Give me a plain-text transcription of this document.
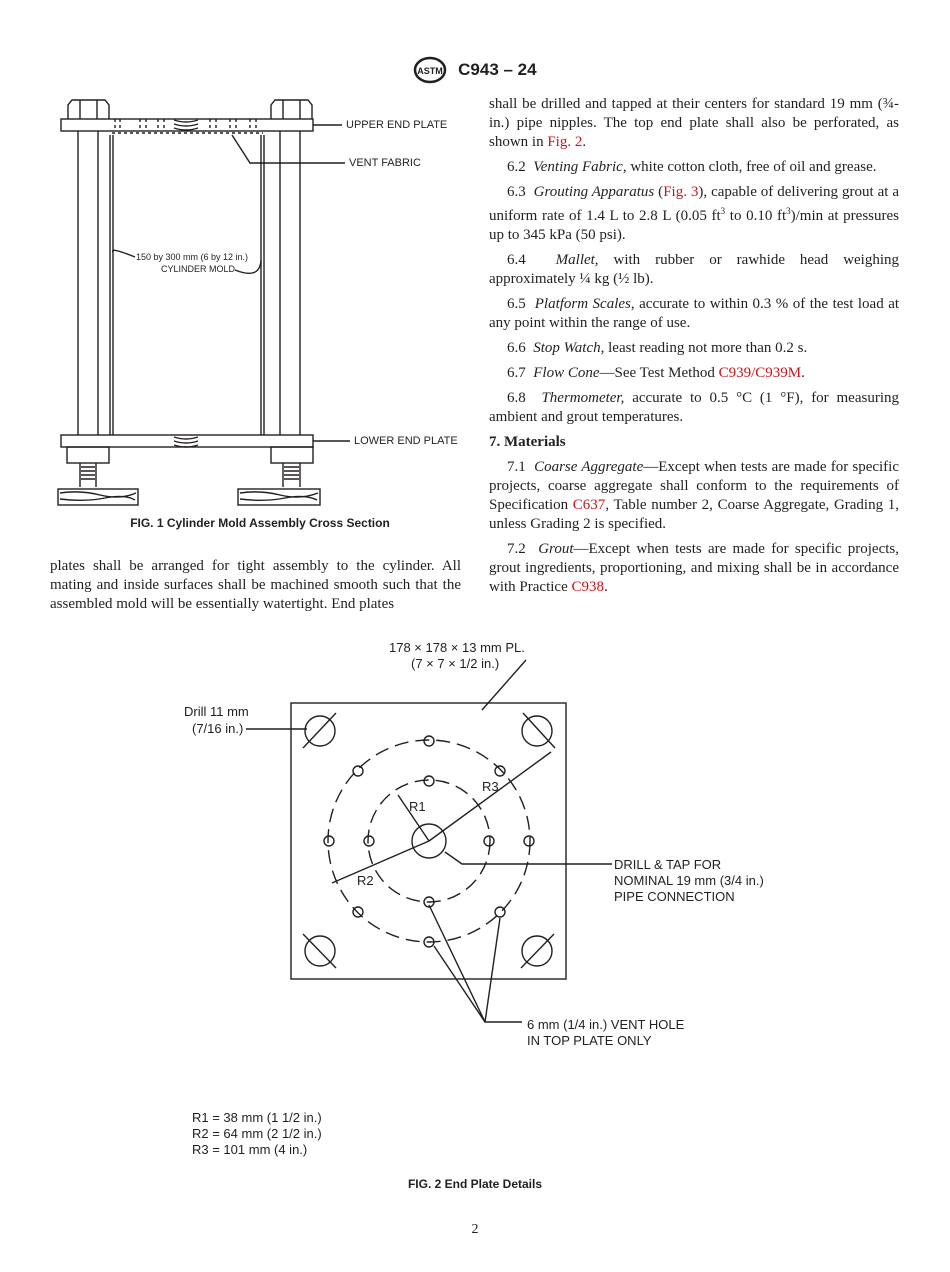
ASTM C943 – 24
UPPER END PLATE
VENT FABRIC
150 by 300 mm (6 by 12 in.)
CYLINDER MOLD
LOWER END PLATE
FIG. 1 Cylinder Mold Assembly Cross Section

plates shall be arranged for tight assembly to the cylinder. All mating and inside surfaces shall be machined smooth such that the assembled mold will be essentially watertight. End plates

shall be drilled and tapped at their centers for standard 19 mm (¾-in.) pipe nipples. The top end plate shall also be perforated, as shown in Fig. 2.

6.2 Venting Fabric, white cotton cloth, free of oil and grease.

6.3 Grouting Apparatus (Fig. 3), capable of delivering grout at a uniform rate of 1.4 L to 2.8 L (0.05 $ft^3$ to 0.10 $ft^3)/\min$ at pressures up to 345 kPa (50 psi).

6.4 Mallet, with rubber or rawhide head weighing approximately ¼ kg (½ lb).

6.5 Platform Scales, accurate to within 0.3 % of the test load at any point within the range of use.

6.6 Stop Watch, least reading not more than 0.2 s.

6.7 Flow Cone—See Test Method C939/C939M.

6.8 Thermometer, accurate to 0.5 °C (1 °F), for measuring ambient and grout temperatures.

7. Materials

7.1 Coarse Aggregate—Except when tests are made for specific projects, coarse aggregate shall conform to the requirements of Specification C637, Table number 2, Coarse Aggregate, Grading 1, unless Grading 2 is specified.

7.2 Grout—Except when tests are made for specific projects, grout ingredients, proportioning, and mixing shall be in accordance with Practice C938.

178 × 178 × 13 mm PL.
(7 × 7 × 1/2 in.)
Drill 11 mm
(7/16 in.)
R1
R2
R3
DRILL & TAP FOR
NOMINAL 19 mm (3/4 in.)
PIPE CONNECTION
6 mm (1/4 in.) VENT HOLE
IN TOP PLATE ONLY
R1 = 38 mm (1 1/2 in.)
R2 = 64 mm (2 1/2 in.)
R3 = 101 mm (4 in.)
FIG. 2 End Plate Details
2
